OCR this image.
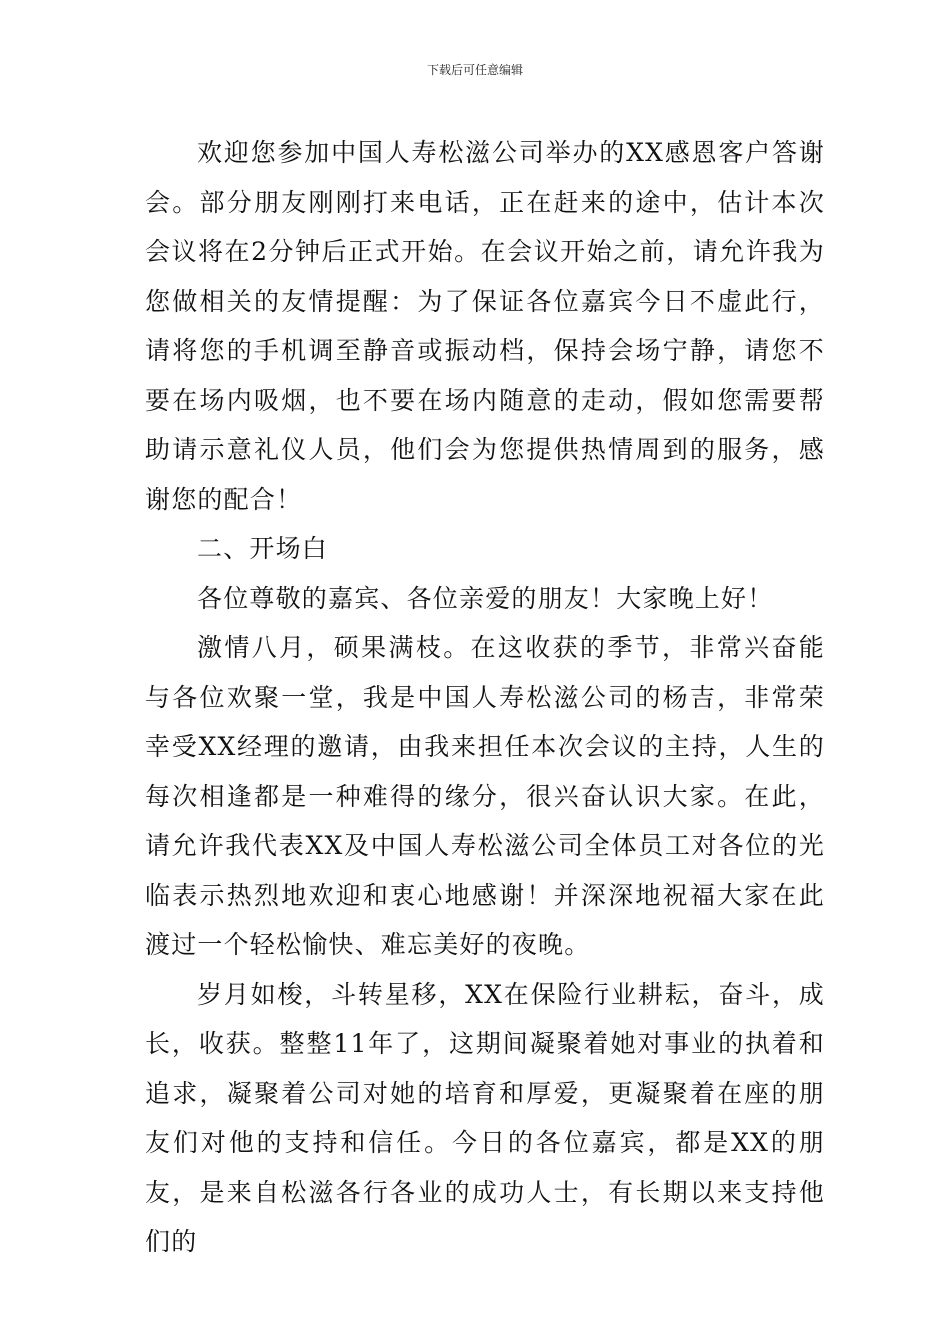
下载后可任意编辑

欢迎您参加中国人寿松滋公司举办的XX感恩客户答谢会。部分朋友刚刚打来电话，正在赶来的途中，估计本次会议将在2分钟后正式开始。在会议开始之前，请允许我为您做相关的友情提醒：为了保证各位嘉宾今日不虚此行，请将您的手机调至静音或振动档，保持会场宁静，请您不要在场内吸烟，也不要在场内随意的走动，假如您需要帮助请示意礼仪人员，他们会为您提供热情周到的服务，感谢您的配合！

二、开场白

各位尊敬的嘉宾、各位亲爱的朋友！大家晚上好！

激情八月，硕果满枝。在这收获的季节，非常兴奋能与各位欢聚一堂，我是中国人寿松滋公司的杨吉，非常荣幸受XX经理的邀请，由我来担任本次会议的主持，人生的每次相逢都是一种难得的缘分，很兴奋认识大家。在此，请允许我代表XX及中国人寿松滋公司全体员工对各位的光临表示热烈地欢迎和衷心地感谢！并深深地祝福大家在此渡过一个轻松愉快、难忘美好的夜晚。

岁月如梭，斗转星移，XX在保险行业耕耘，奋斗，成长，收获。整整11年了，这期间凝聚着她对事业的执着和追求，凝聚着公司对她的培育和厚爱，更凝聚着在座的朋友们对他的支持和信任。今日的各位嘉宾，都是XX的朋友，是来自松滋各行各业的成功人士，有长期以来支持他们的
